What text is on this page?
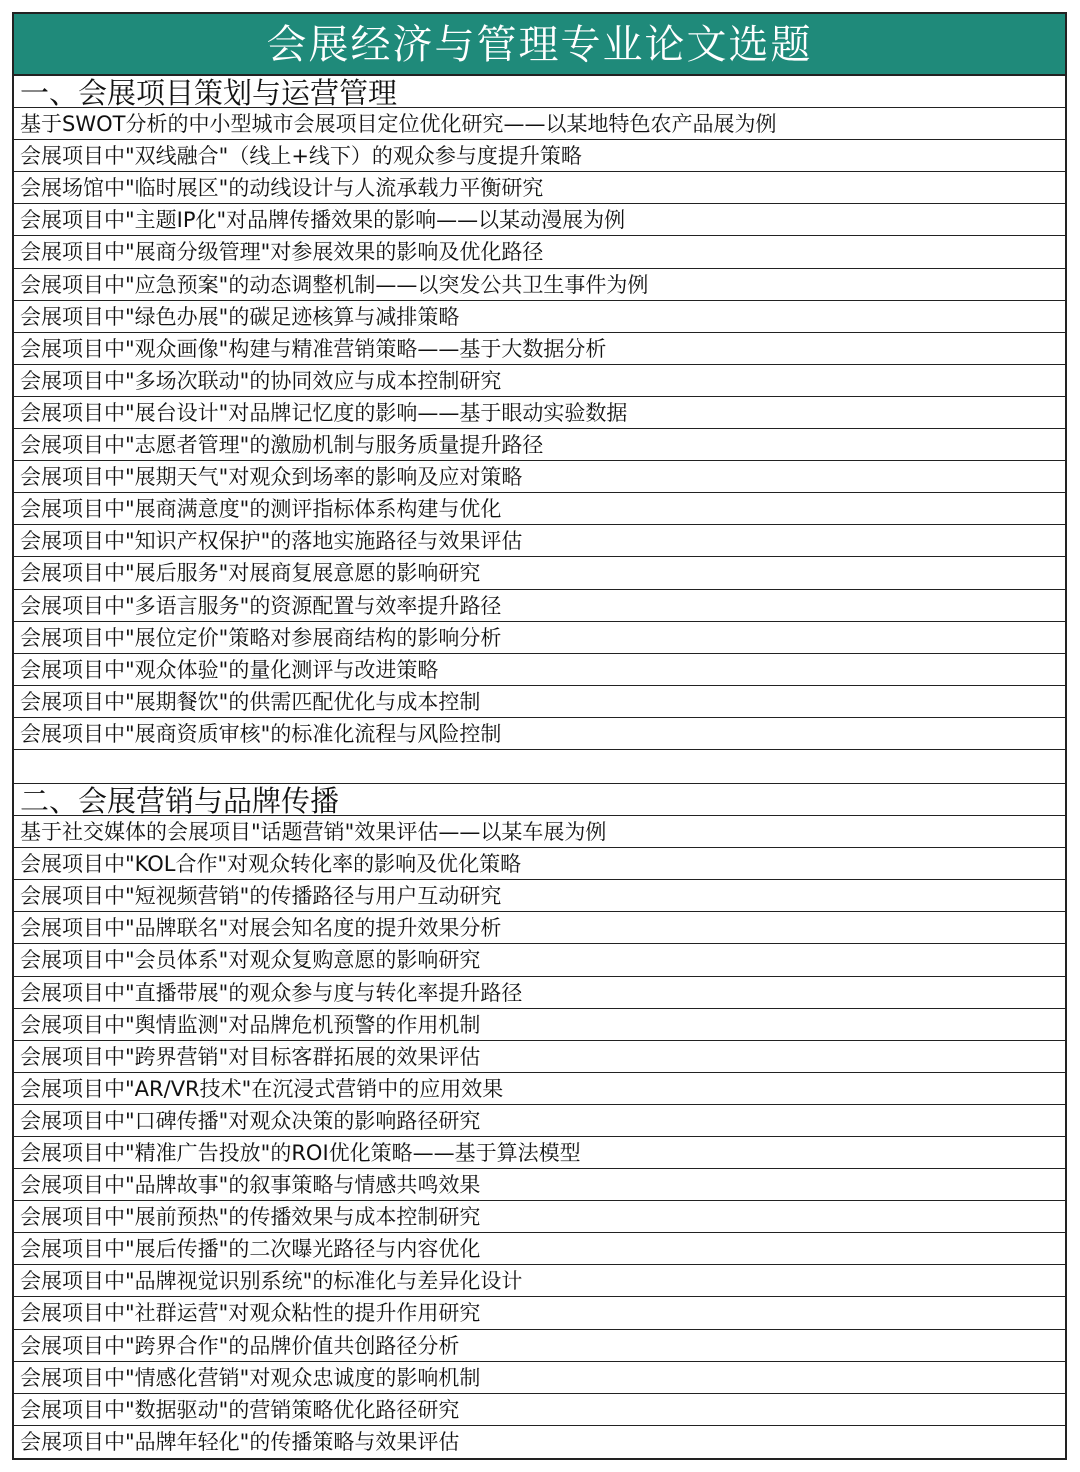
会展经济与管理专业论文选题
一、会展项目策划与运营管理
基于SWOT分析的中小型城市会展项目定位优化研究——以某地特色农产品展为例
会展项目中"双线融合"（线上+线下）的观众参与度提升策略
会展场馆中"临时展区"的动线设计与人流承载力平衡研究
会展项目中"主题IP化"对品牌传播效果的影响——以某动漫展为例
会展项目中"展商分级管理"对参展效果的影响及优化路径
会展项目中"应急预案"的动态调整机制——以突发公共卫生事件为例
会展项目中"绿色办展"的碳足迹核算与减排策略
会展项目中"观众画像"构建与精准营销策略——基于大数据分析
会展项目中"多场次联动"的协同效应与成本控制研究
会展项目中"展台设计"对品牌记忆度的影响——基于眼动实验数据
会展项目中"志愿者管理"的激励机制与服务质量提升路径
会展项目中"展期天气"对观众到场率的影响及应对策略
会展项目中"展商满意度"的测评指标体系构建与优化
会展项目中"知识产权保护"的落地实施路径与效果评估
会展项目中"展后服务"对展商复展意愿的影响研究
会展项目中"多语言服务"的资源配置与效率提升路径
会展项目中"展位定价"策略对参展商结构的影响分析
会展项目中"观众体验"的量化测评与改进策略
会展项目中"展期餐饮"的供需匹配优化与成本控制
会展项目中"展商资质审核"的标准化流程与风险控制
二、会展营销与品牌传播
基于社交媒体的会展项目"话题营销"效果评估——以某车展为例
会展项目中"KOL合作"对观众转化率的影响及优化策略
会展项目中"短视频营销"的传播路径与用户互动研究
会展项目中"品牌联名"对展会知名度的提升效果分析
会展项目中"会员体系"对观众复购意愿的影响研究
会展项目中"直播带展"的观众参与度与转化率提升路径
会展项目中"舆情监测"对品牌危机预警的作用机制
会展项目中"跨界营销"对目标客群拓展的效果评估
会展项目中"AR/VR技术"在沉浸式营销中的应用效果
会展项目中"口碑传播"对观众决策的影响路径研究
会展项目中"精准广告投放"的ROI优化策略——基于算法模型
会展项目中"品牌故事"的叙事策略与情感共鸣效果
会展项目中"展前预热"的传播效果与成本控制研究
会展项目中"展后传播"的二次曝光路径与内容优化
会展项目中"品牌视觉识别系统"的标准化与差异化设计
会展项目中"社群运营"对观众粘性的提升作用研究
会展项目中"跨界合作"的品牌价值共创路径分析
会展项目中"情感化营销"对观众忠诚度的影响机制
会展项目中"数据驱动"的营销策略优化路径研究
会展项目中"品牌年轻化"的传播策略与效果评估
